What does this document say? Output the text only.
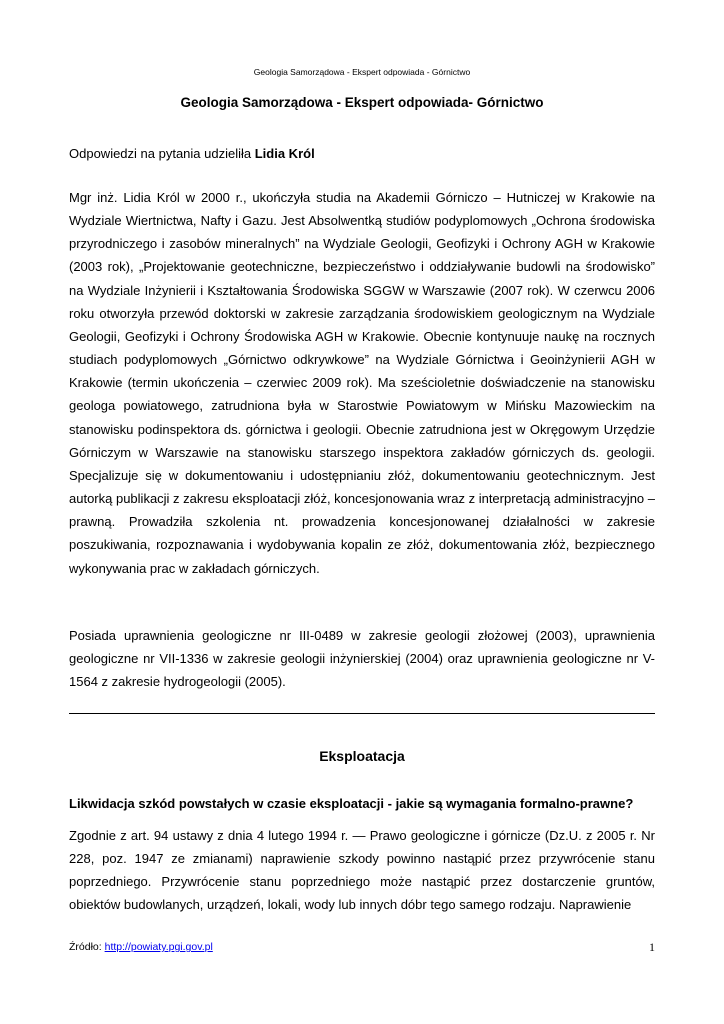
Geologia Samorządowa - Ekspert odpowiada - Górnictwo
Geologia Samorządowa - Ekspert odpowiada- Górnictwo
Odpowiedzi na pytania udzieliła Lidia Król

Mgr inż. Lidia Król w 2000 r., ukończyła studia na Akademii Górniczo – Hutniczej w Krakowie na Wydziale Wiertnictwa, Nafty i Gazu. Jest Absolwentką studiów podyplomowych „Ochrona środowiska przyrodniczego i zasobów mineralnych” na Wydziale Geologii, Geofizyki i Ochrony AGH w Krakowie (2003 rok), „Projektowanie geotechniczne, bezpieczeństwo i oddziaływanie budowli na środowisko” na Wydziale Inżynierii i Kształtowania Środowiska SGGW w Warszawie (2007 rok). W czerwcu 2006 roku otworzyła przewód doktorski w zakresie zarządzania środowiskiem geologicznym na Wydziale Geologii, Geofizyki i Ochrony Środowiska AGH w Krakowie. Obecnie kontynuuje naukę na rocznych studiach podyplomowych „Górnictwo odkrywkowe” na Wydziale Górnictwa i Geoinżynierii AGH w Krakowie (termin ukończenia – czerwiec 2009 rok). Ma sześcioletnie doświadczenie na stanowisku geologa powiatowego, zatrudniona była w Starostwie Powiatowym w Mińsku Mazowieckim na stanowisku podinspektora ds. górnictwa i geologii. Obecnie zatrudniona jest w Okręgowym Urzędzie Górniczym w Warszawie na stanowisku starszego inspektora zakładów górniczych ds. geologii. Specjalizuje się w dokumentowaniu i udostępnianiu złóż, dokumentowaniu geotechnicznym. Jest autorką publikacji z zakresu eksploatacji złóż, koncesjonowania wraz z interpretacją administracyjno – prawną. Prowadziła szkolenia nt. prowadzenia koncesjonowanej działalności w zakresie poszukiwania, rozpoznawania i wydobywania kopalin ze złóż, dokumentowania złóż, bezpiecznego wykonywania prac w zakładach górniczych.

Posiada uprawnienia geologiczne nr III-0489 w zakresie geologii złożowej (2003), uprawnienia geologiczne nr VII-1336 w zakresie geologii inżynierskiej (2004) oraz uprawnienia geologiczne nr V-1564 z zakresie hydrogeologii (2005).

Eksploatacja
Likwidacja szkód powstałych w czasie eksploatacji - jakie są wymagania formalno-prawne?

Zgodnie z art. 94 ustawy z dnia 4 lutego 1994 r. — Prawo geologiczne i górnicze (Dz.U. z 2005 r. Nr 228, poz. 1947 ze zmianami) naprawienie szkody powinno nastąpić przez przywrócenie stanu poprzedniego. Przywrócenie stanu poprzedniego może nastąpić przez dostarczenie gruntów, obiektów budowlanych, urządzeń, lokali, wody lub innych dóbr tego samego rodzaju. Naprawienie

Źródło: http://powiaty.pgi.gov.pl	1
